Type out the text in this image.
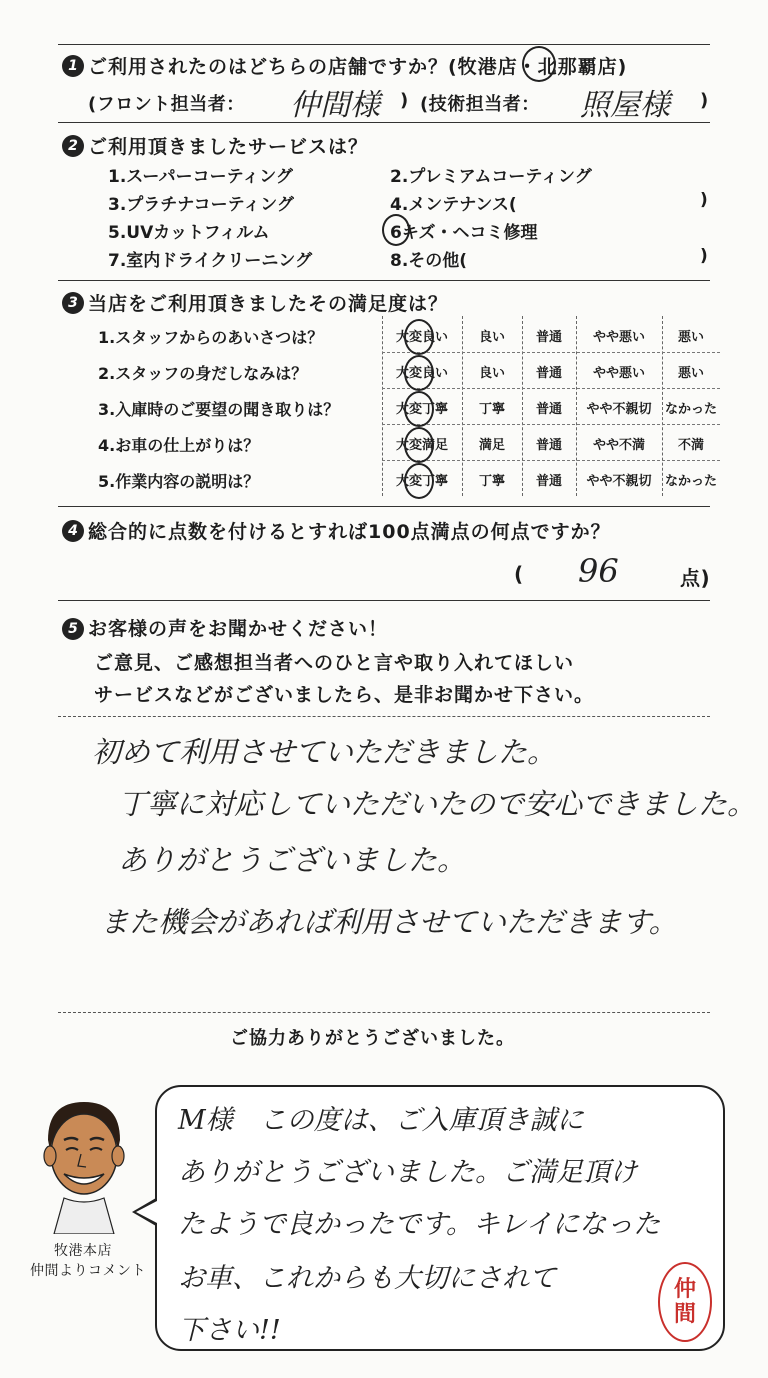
1 ご利用されたのはどちらの店舗ですか？(牧港店・北那覇店)
(フロント担当者： 仲間様 ) (技術担当者： 照屋様 )
2 ご利用頂きましたサービスは？
1.スーパーコーティング	2.プレミアムコーティング
3.プラチナコーティング	4.メンテナンス(	)
5.UVカットフィルム	6キズ・ヘコミ修理
7.室内ドライクリーニング	8.その他(	)
3 当店をご利用頂きましたその満足度は？
1.スタッフからのあいさつは？	大変良い	良い	普通	やや悪い	悪い
2.スタッフの身だしなみは？	大変良い	良い	普通	やや悪い	悪い
3.入庫時のご要望の聞き取りは？	大変丁寧	丁寧	普通	やや不親切	なかった
4.お車の仕上がりは？	大変満足	満足	普通	やや不満	不満
5.作業内容の説明は？	大変丁寧	丁寧	普通	やや不親切	なかった
4 総合的に点数を付けるとすれば100点満点の何点ですか？
( 96	点)
5 お客様の声をお聞かせください！
ご意見、ご感想担当者へのひと言や取り入れてほしい
サービスなどがございましたら、是非お聞かせ下さい。
初めて利用させていただきました。
丁寧に対応していただいたので安心できました。
ありがとうございました。
また機会があれば利用させていただきます。
ご協力ありがとうございました。
牧港本店
仲間よりコメント
M様　この度は、ご入庫頂き誠に
ありがとうございました。ご満足頂け
たようで良かったです。キレイになった
お車、これからも大切にされて
下さい!!
仲
間
